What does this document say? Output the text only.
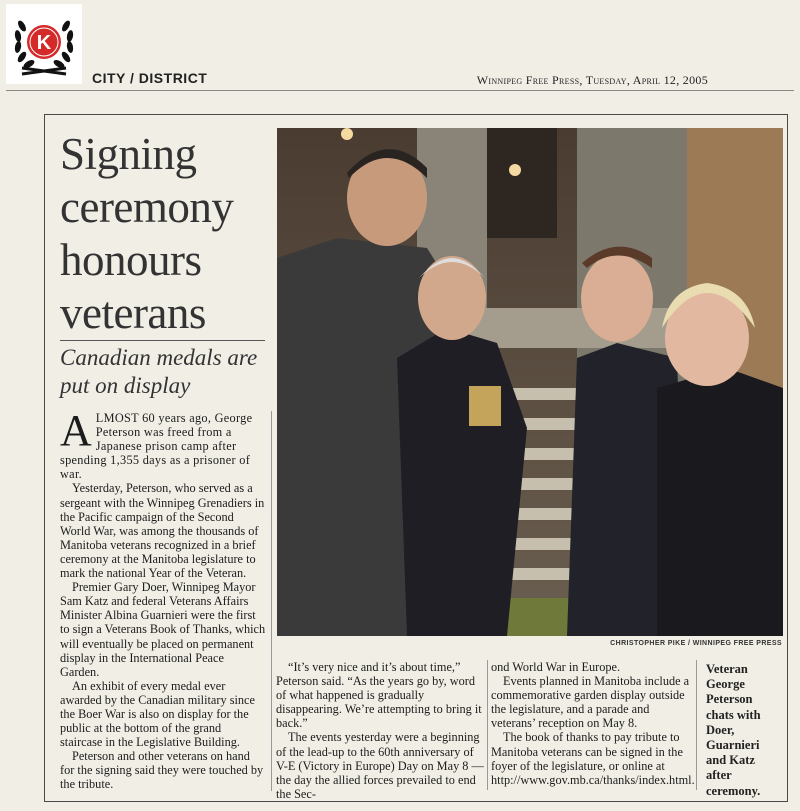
K
CITY / DISTRICT	Winnipeg Free Press, Tuesday, April 12, 2005
Signing ceremony honours veterans
Canadian medals are put on display

ALMOST 60 years ago, George Peterson was freed from a Japanese prison camp after spending 1,355 days as a prisoner of war.

Yesterday, Peterson, who served as a sergeant with the Winnipeg Grenadiers in the Pacific campaign of the Second World War, was among the thousands of Manitoba veterans recognized in a brief ceremony at the Manitoba legislature to mark the national Year of the Veteran.

Premier Gary Doer, Winnipeg Mayor Sam Katz and federal Veterans Affairs Minister Albina Guarnieri were the first to sign a Veterans Book of Thanks, which will eventually be placed on permanent display in the International Peace Garden.

An exhibit of every medal ever awarded by the Canadian military since the Boer War is also on display for the public at the bottom of the grand staircase in the Legislative Building.

Peterson and other veterans on hand for the signing said they were touched by the tribute.

“It’s very nice and it’s about time,” Peterson said. “As the years go by, word of what happened is gradually disappearing. We’re attempting to bring it back.”

The events yesterday were a beginning of the lead-up to the 60th anniversary of V-E (Victory in Europe) Day on May 8 — the day the allied forces prevailed to end the Sec-

ond World War in Europe.

Events planned in Manitoba include a commemorative garden display outside the legislature, and a parade and veterans’ reception on May 8.

The book of thanks to pay tribute to Manitoba veterans can be signed in the foyer of the legislature, or online at http://www.gov.mb.ca/thanks/index.html.

CHRISTOPHER PIKE / WINNIPEG FREE PRESS
Veteran George Peterson chats with Doer, Guarnieri and Katz after ceremony.
